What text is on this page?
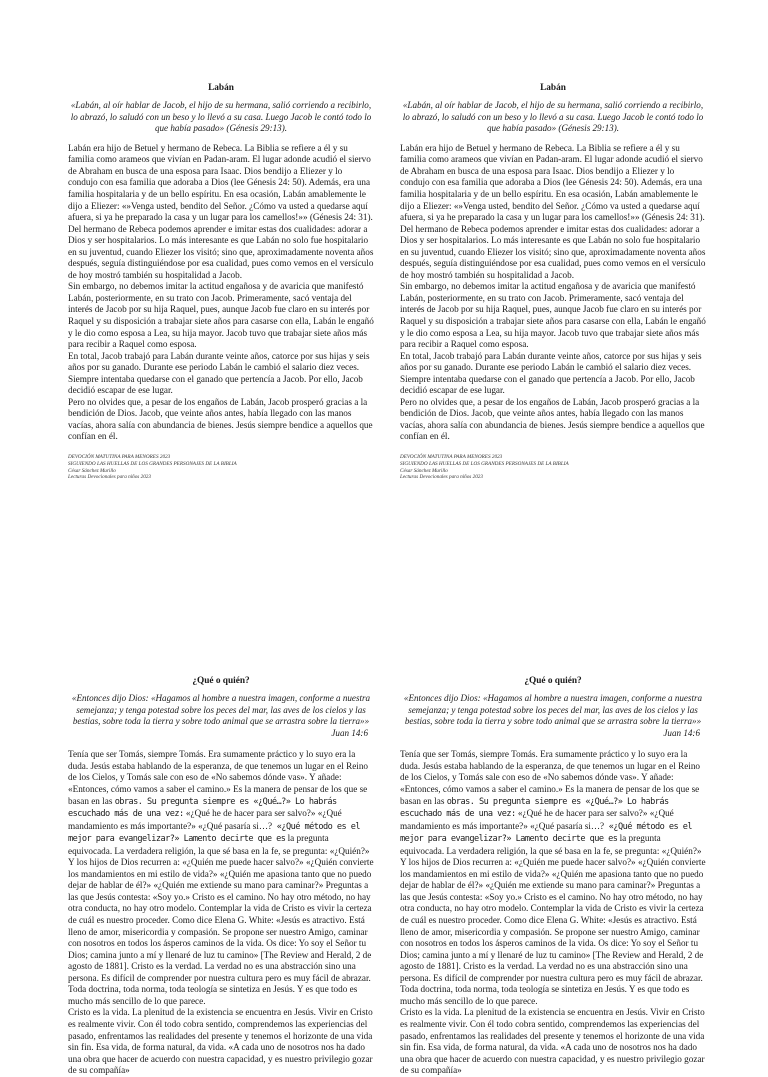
Labán
«Labán, al oír hablar de Jacob, el hijo de su hermana, salió corriendo a recibirlo, lo abrazó, lo saludó con un beso y lo llevó a su casa. Luego Jacob le contó todo lo que había pasado» (Génesis 29:13).

Labán era hijo de Betuel y hermano de Rebeca. La Biblia se refiere a él y su familia como arameos que vivían en Padan-aram. El lugar adonde acudió el siervo de Abraham en busca de una esposa para Isaac. Dios bendijo a Eliezer y lo condujo con esa familia que adoraba a Dios (lee Génesis 24: 50). Además, era una familia hospitalaria y de un bello espíritu. En esa ocasión, Labán amablemente le dijo a Eliezer: «»Venga usted, bendito del Señor. ¿Cómo va usted a quedarse aquí afuera, si ya he preparado la casa y un lugar para los camellos!»» (Génesis 24: 31). Del hermano de Rebeca podemos aprender e imitar estas dos cualidades: adorar a Dios y ser hospitalarios. Lo más interesante es que Labán no solo fue hospitalario en su juventud, cuando Eliezer los visitó; sino que, aproximadamente noventa años después, seguía distinguiéndose por esa cualidad, pues como vemos en el versículo de hoy mostró también su hospitalidad a Jacob.

Sin embargo, no debemos imitar la actitud engañosa y de avaricia que manifestó Labán, posteriormente, en su trato con Jacob. Primeramente, sacó ventaja del interés de Jacob por su hija Raquel, pues, aunque Jacob fue claro en su interés por Raquel y su disposición a trabajar siete años para casarse con ella, Labán le engañó y le dio como esposa a Lea, su hija mayor. Jacob tuvo que trabajar siete años más para recibir a Raquel como esposa.

En total, Jacob trabajó para Labán durante veinte años, catorce por sus hijas y seis años por su ganado. Durante ese periodo Labán le cambió el salario diez veces. Siempre intentaba quedarse con el ganado que pertencía a Jacob. Por ello, Jacob decidió escapar de ese lugar.

Pero no olvides que, a pesar de los engaños de Labán, Jacob prosperó gracias a la bendición de Dios. Jacob, que veinte años antes, había llegado con las manos vacías, ahora salía con abundancia de bienes. Jesús siempre bendice a aquellos que confían en él.

DEVOCIÓN MATUTINA PARA MENORES 2023
SIGUIENDO LAS HUELLAS DE LOS GRANDES PERSONAJES DE LA BIBLIA
César Sánchez Murillo
Lecturas Devocionales para niños 2023
Labán
«Labán, al oír hablar de Jacob, el hijo de su hermana, salió corriendo a recibirlo, lo abrazó, lo saludó con un beso y lo llevó a su casa. Luego Jacob le contó todo lo que había pasado» (Génesis 29:13).

Labán era hijo de Betuel y hermano de Rebeca. La Biblia se refiere a él y su familia como arameos que vivían en Padan-aram. El lugar adonde acudió el siervo de Abraham en busca de una esposa para Isaac. Dios bendijo a Eliezer y lo condujo con esa familia que adoraba a Dios (lee Génesis 24: 50). Además, era una familia hospitalaria y de un bello espíritu. En esa ocasión, Labán amablemente le dijo a Eliezer: «»Venga usted, bendito del Señor. ¿Cómo va usted a quedarse aquí afuera, si ya he preparado la casa y un lugar para los camellos!»» (Génesis 24: 31). Del hermano de Rebeca podemos aprender e imitar estas dos cualidades: adorar a Dios y ser hospitalarios. Lo más interesante es que Labán no solo fue hospitalario en su juventud, cuando Eliezer los visitó; sino que, aproximadamente noventa años después, seguía distinguiéndose por esa cualidad, pues como vemos en el versículo de hoy mostró también su hospitalidad a Jacob.

Sin embargo, no debemos imitar la actitud engañosa y de avaricia que manifestó Labán, posteriormente, en su trato con Jacob. Primeramente, sacó ventaja del interés de Jacob por su hija Raquel, pues, aunque Jacob fue claro en su interés por Raquel y su disposición a trabajar siete años para casarse con ella, Labán le engañó y le dio como esposa a Lea, su hija mayor. Jacob tuvo que trabajar siete años más para recibir a Raquel como esposa.

En total, Jacob trabajó para Labán durante veinte años, catorce por sus hijas y seis años por su ganado. Durante ese periodo Labán le cambió el salario diez veces. Siempre intentaba quedarse con el ganado que pertencía a Jacob. Por ello, Jacob decidió escapar de ese lugar.

Pero no olvides que, a pesar de los engaños de Labán, Jacob prosperó gracias a la bendición de Dios. Jacob, que veinte años antes, había llegado con las manos vacías, ahora salía con abundancia de bienes. Jesús siempre bendice a aquellos que confían en él.

DEVOCIÓN MATUTINA PARA MENORES 2023
SIGUIENDO LAS HUELLAS DE LOS GRANDES PERSONAJES DE LA BIBLIA
César Sánchez Murillo
Lecturas Devocionales para niños 2023
¿Qué o quién?
«Entonces dijo Dios: «Hagamos al hombre a nuestra imagen, conforme a nuestra semejanza; y tenga potestad sobre los peces del mar, las aves de los cielos y las bestias, sobre toda la tierra y sobre todo animal que se arrastra sobre la tierra»»
Juan 14:6

Tenía que ser Tomás, siempre Tomás. Era sumamente práctico y lo suyo era la duda. Jesús estaba hablando de la esperanza, de que tenemos un lugar en el Reino de los Cielos, y Tomás sale con eso de «No sabemos dónde vas». Y añade: «Entonces, cómo vamos a saber el camino.» Es la manera de pensar de los que se basan en las obras. Su pregunta siempre es «¿Qué…?» Lo habrás escuchado más de una vez: «¿Qué he de hacer para ser salvo?» «¿Qué mandamiento es más importante?» «¿Qué pasaría si…? «¿Qué método es el mejor para evangelizar?» Lamento decirte que es la pregunta equivocada. La verdadera religión, la que sé basa en la fe, se pregunta: «¿Quién?» Y los hijos de Dios recurren a: «¿Quién me puede hacer salvo?» «¿Quién convierte los mandamientos en mi estilo de vida?» «¿Quién me apasiona tanto que no puedo dejar de hablar de él?» «¿Quién me extiende su mano para caminar?» Preguntas a las que Jesús contesta: «Soy yo.» Cristo es el camino. No hay otro método, no hay otra conducta, no hay otro modelo. Contemplar la vida de Cristo es vivir la certeza de cuál es nuestro proceder. Como dice Elena G. White: «Jesús es atractivo. Está lleno de amor, misericordia y compasión. Se propone ser nuestro Amigo, caminar con nosotros en todos los ásperos caminos de la vida. Os dice: Yo soy el Señor tu Dios; camina junto a mí y llenaré de luz tu camino» [The Review and Herald, 2 de agosto de 1881]. Cristo es la verdad. La verdad no es una abstracción sino una persona. Es difícil de comprender por nuestra cultura pero es muy fácil de abrazar. Toda doctrina, toda norma, toda teología se sintetiza en Jesús. Y es que todo es mucho más sencillo de lo que parece.

Cristo es la vida. La plenitud de la existencia se encuentra en Jesús. Vivir en Cristo es realmente vivir. Con él todo cobra sentido, comprendemos las experiencias del pasado, enfrentamos las realidades del presente y tenemos el horizonte de una vida sin fin. Esa vida, de forma natural, da vida. «A cada uno de nosotros nos ha dado una obra que hacer de acuerdo con nuestra capacidad, y es nuestro privilegio gozar de su compañía»

¿Qué o quién?
«Entonces dijo Dios: «Hagamos al hombre a nuestra imagen, conforme a nuestra semejanza; y tenga potestad sobre los peces del mar, las aves de los cielos y las bestias, sobre toda la tierra y sobre todo animal que se arrastra sobre la tierra»»
Juan 14:6

Tenía que ser Tomás, siempre Tomás. Era sumamente práctico y lo suyo era la duda. Jesús estaba hablando de la esperanza, de que tenemos un lugar en el Reino de los Cielos, y Tomás sale con eso de «No sabemos dónde vas». Y añade: «Entonces, cómo vamos a saber el camino.» Es la manera de pensar de los que se basan en las obras. Su pregunta siempre es «¿Qué…?» Lo habrás escuchado más de una vez: «¿Qué he de hacer para ser salvo?» «¿Qué mandamiento es más importante?» «¿Qué pasaría si…? «¿Qué método es el mejor para evangelizar?» Lamento decirte que es la pregunta equivocada. La verdadera religión, la que sé basa en la fe, se pregunta: «¿Quién?» Y los hijos de Dios recurren a: «¿Quién me puede hacer salvo?» «¿Quién convierte los mandamientos en mi estilo de vida?» «¿Quién me apasiona tanto que no puedo dejar de hablar de él?» «¿Quién me extiende su mano para caminar?» Preguntas a las que Jesús contesta: «Soy yo.» Cristo es el camino. No hay otro método, no hay otra conducta, no hay otro modelo. Contemplar la vida de Cristo es vivir la certeza de cuál es nuestro proceder. Como dice Elena G. White: «Jesús es atractivo. Está lleno de amor, misericordia y compasión. Se propone ser nuestro Amigo, caminar con nosotros en todos los ásperos caminos de la vida. Os dice: Yo soy el Señor tu Dios; camina junto a mí y llenaré de luz tu camino» [The Review and Herald, 2 de agosto de 1881]. Cristo es la verdad. La verdad no es una abstracción sino una persona. Es difícil de comprender por nuestra cultura pero es muy fácil de abrazar. Toda doctrina, toda norma, toda teología se sintetiza en Jesús. Y es que todo es mucho más sencillo de lo que parece.

Cristo es la vida. La plenitud de la existencia se encuentra en Jesús. Vivir en Cristo es realmente vivir. Con él todo cobra sentido, comprendemos las experiencias del pasado, enfrentamos las realidades del presente y tenemos el horizonte de una vida sin fin. Esa vida, de forma natural, da vida. «A cada uno de nosotros nos ha dado una obra que hacer de acuerdo con nuestra capacidad, y es nuestro privilegio gozar de su compañía»
